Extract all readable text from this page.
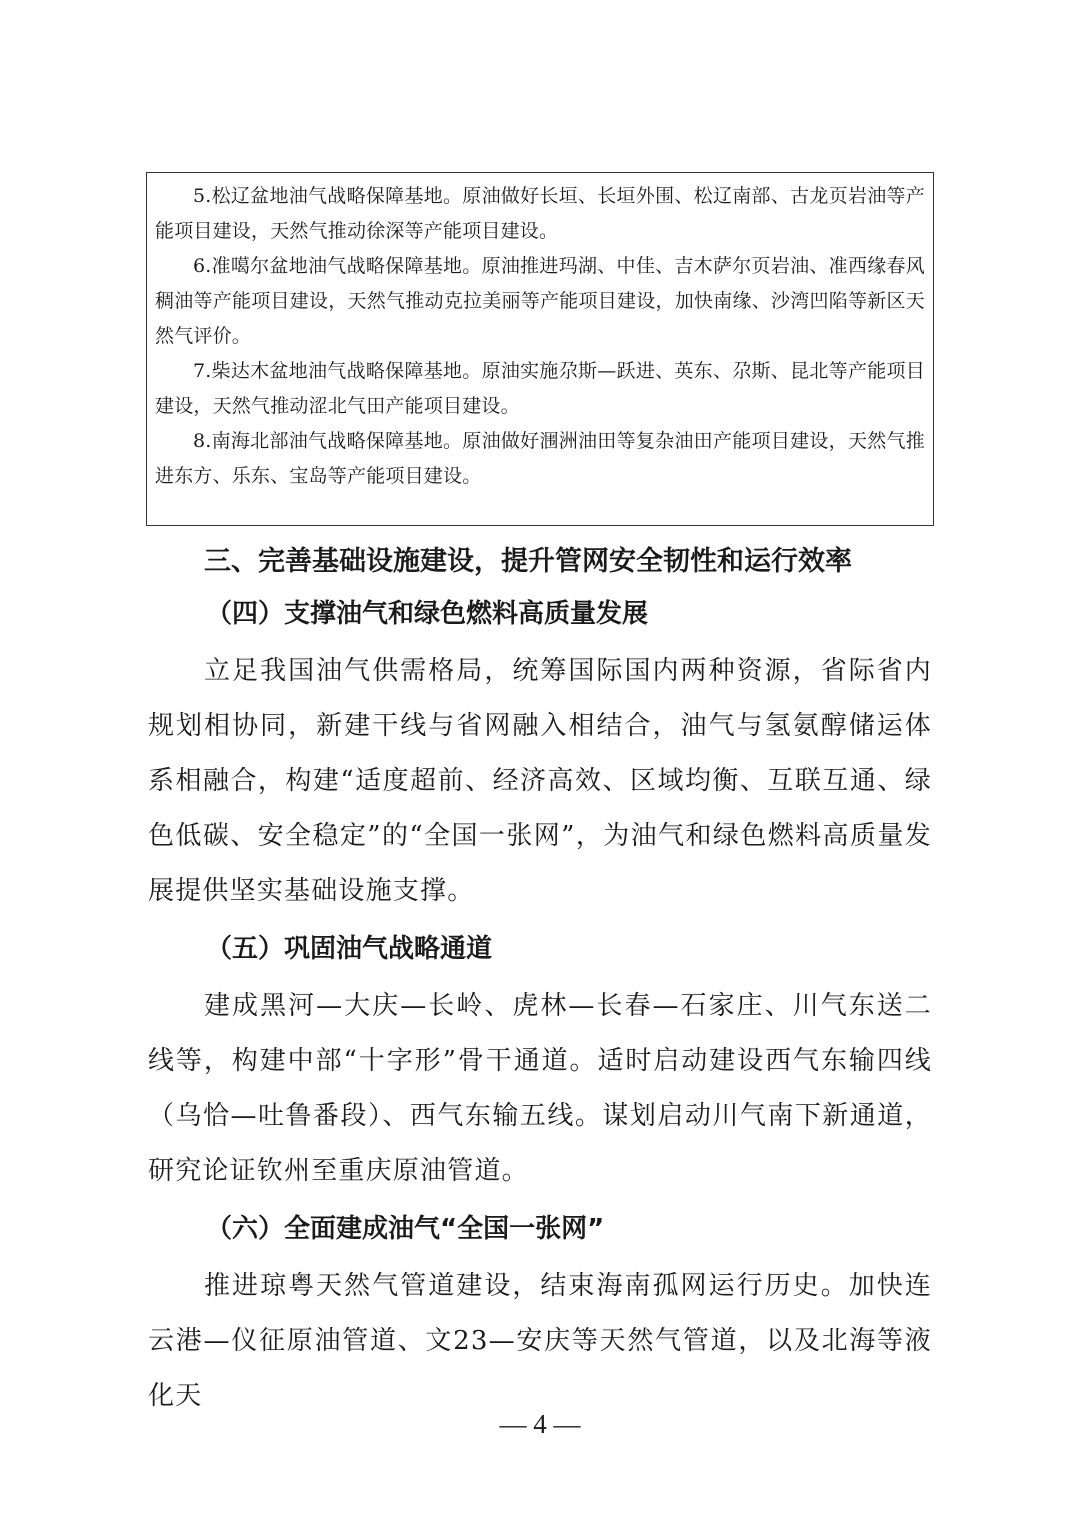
5.松辽盆地油气战略保障基地。原油做好长垣、长垣外围、松辽南部、古龙页岩油等产能项目建设，天然气推动徐深等产能项目建设。

6.准噶尔盆地油气战略保障基地。原油推进玛湖、中佳、吉木萨尔页岩油、准西缘春风稠油等产能项目建设，天然气推动克拉美丽等产能项目建设，加快南缘、沙湾凹陷等新区天然气评价。

7.柴达木盆地油气战略保障基地。原油实施尕斯—跃进、英东、尕斯、昆北等产能项目建设，天然气推动涩北气田产能项目建设。

8.南海北部油气战略保障基地。原油做好涠洲油田等复杂油田产能项目建设，天然气推进东方、乐东、宝岛等产能项目建设。

三、完善基础设施建设，提升管网安全韧性和运行效率
（四）支撑油气和绿色燃料高质量发展

立足我国油气供需格局，统筹国际国内两种资源，省际省内规划相协同，新建干线与省网融入相结合，油气与氢氨醇储运体系相融合，构建“适度超前、经济高效、区域均衡、互联互通、绿色低碳、安全稳定”的“全国一张网”，为油气和绿色燃料高质量发展提供坚实基础设施支撑。

（五）巩固油气战略通道

建成黑河—大庆—长岭、虎林—长春—石家庄、川气东送二线等，构建中部“十字形”骨干通道。适时启动建设西气东输四线（乌恰—吐鲁番段）、西气东输五线。谋划启动川气南下新通道，研究论证钦州至重庆原油管道。

（六）全面建成油气“全国一张网”

推进琼粤天然气管道建设，结束海南孤网运行历史。加快连云港—仪征原油管道、文23—安庆等天然气管道，以及北海等液化天

— 4 —
